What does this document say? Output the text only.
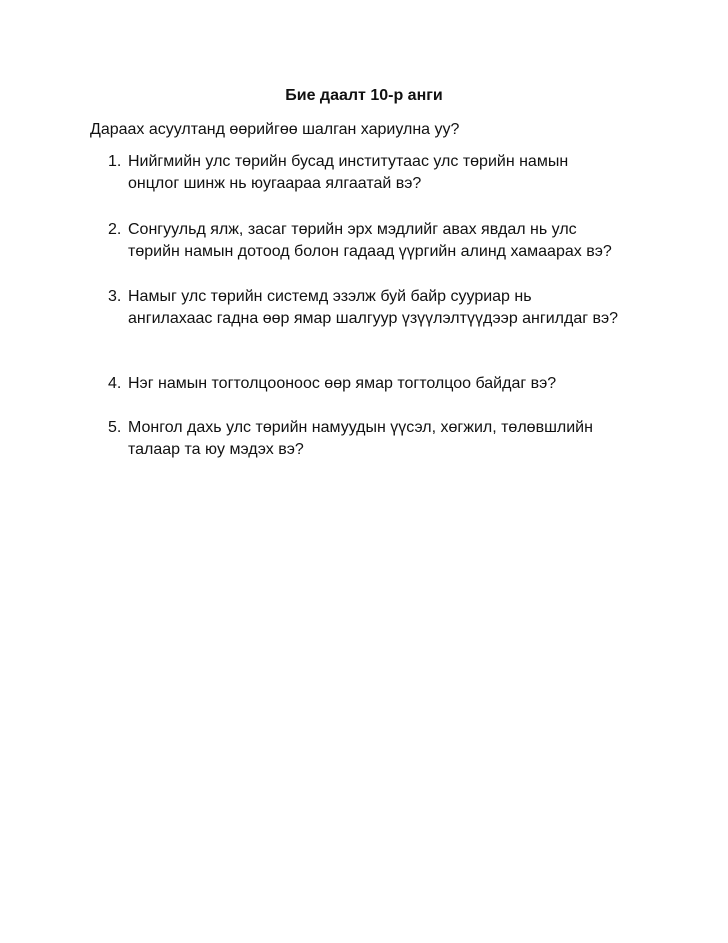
Бие даалт 10-р анги
Дараах асуултанд өөрийгөө шалган хариулна уу?
1. Нийгмийн улс төрийн бусад институтаас улс төрийн намын
онцлог шинж нь юугаараа ялгаатай вэ?
2. Сонгуульд ялж, засаг төрийн эрх мэдлийг авах явдал нь улс
төрийн намын дотоод болон гадаад үүргийн алинд хамаарах вэ?
3. Намыг улс төрийн системд эзэлж буй байр сууриар нь
ангилахаас гадна өөр ямар шалгуур үзүүлэлтүүдээр ангилдаг вэ?
4. Нэг намын тогтолцооноос өөр ямар тогтолцоо байдаг вэ?
5. Монгол дахь улс төрийн намуудын үүсэл, хөгжил, төлөвшлийн
талаар та юу мэдэх вэ?
